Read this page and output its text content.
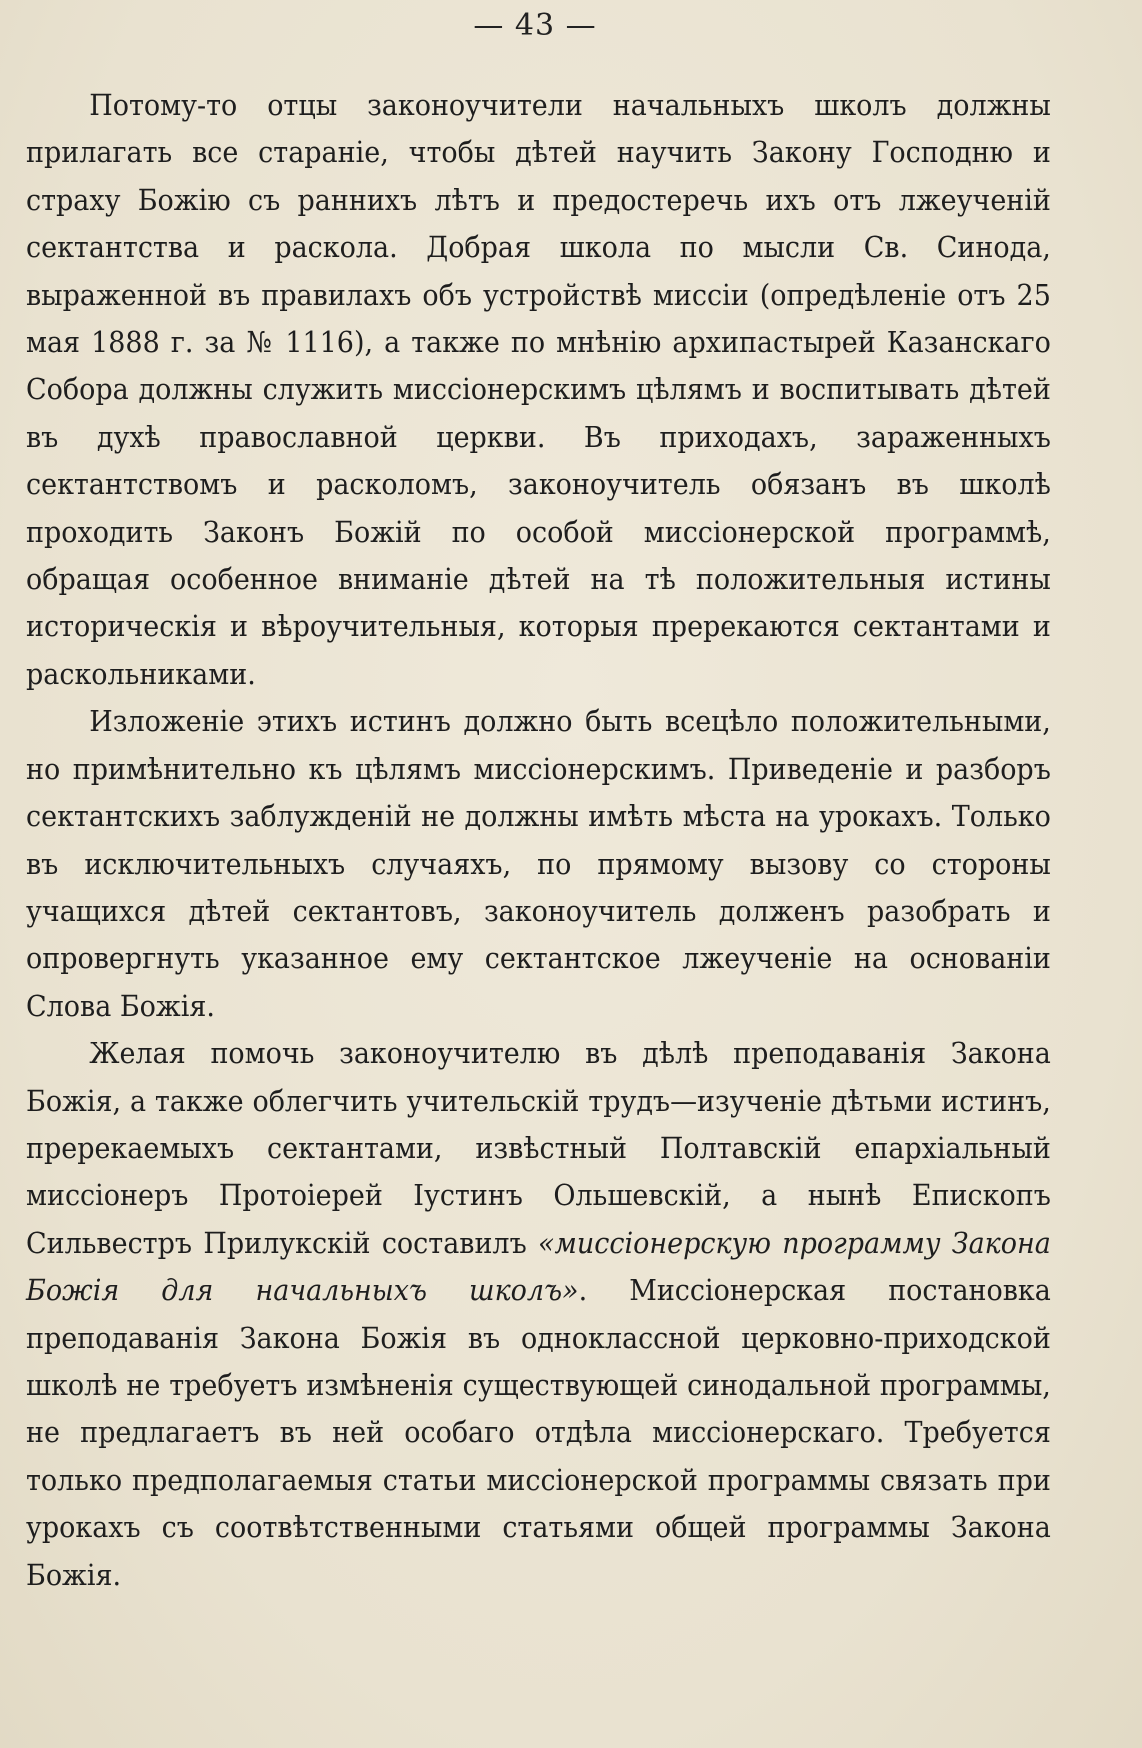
— 43 —

Потому-то отцы законоучители начальныхъ школъ должны прилагать все стараніе, чтобы дѣтей научить Закону Господню и страху Божію съ раннихъ лѣтъ и предостеречь ихъ отъ лжеученій сектантства и раскола. Добрая школа по мысли Св. Синода, выраженной въ правилахъ объ устройствѣ миссіи (опредѣленіе отъ 25 мая 1888 г. за № 1116), а также по мнѣнію архипастырей Казанскаго Собора должны служить миссіонерскимъ цѣлямъ и воспитывать дѣтей въ духѣ православной церкви. Въ приходахъ, зараженныхъ сектантствомъ и расколомъ, законоучитель обязанъ въ школѣ проходить Законъ Божій по особой миссіонерской программѣ, обращая особенное вниманіе дѣтей на тѣ положительныя истины историческія и вѣроучительныя, которыя пререкаются сектантами и раскольниками.

Изложеніе этихъ истинъ должно быть всецѣло положительными, но примѣнительно къ цѣлямъ миссіонерскимъ. Приведеніе и разборъ сектантскихъ заблужденій не должны имѣть мѣста на урокахъ. Только въ исключительныхъ случаяхъ, по прямому вызову со стороны учащихся дѣтей сектантовъ, законоучитель долженъ разобрать и опровергнуть указанное ему сектантское лжеученіе на основаніи Слова Божія.

Желая помочь законоучителю въ дѣлѣ преподаванія Закона Божія, а также облегчить учительскій трудъ—изученіе дѣтьми истинъ, пререкаемыхъ сектантами, извѣстный Полтавскій епархіальный миссіонеръ Протоіерей Іустинъ Ольшевскій, а нынѣ Епископъ Сильвестръ Прилукскій составилъ «миссіонерскую программу Закона Божія для начальныхъ школъ». Миссіонерская постановка преподаванія Закона Божія въ одноклассной церковно-приходской школѣ не требуетъ измѣненія существующей синодальной программы, не предлагаетъ въ ней особаго отдѣла миссіонерскаго. Требуется только предполагаемыя статьи миссіонерской программы связать при урокахъ съ соотвѣтственными статьями общей программы Закона Божія.
